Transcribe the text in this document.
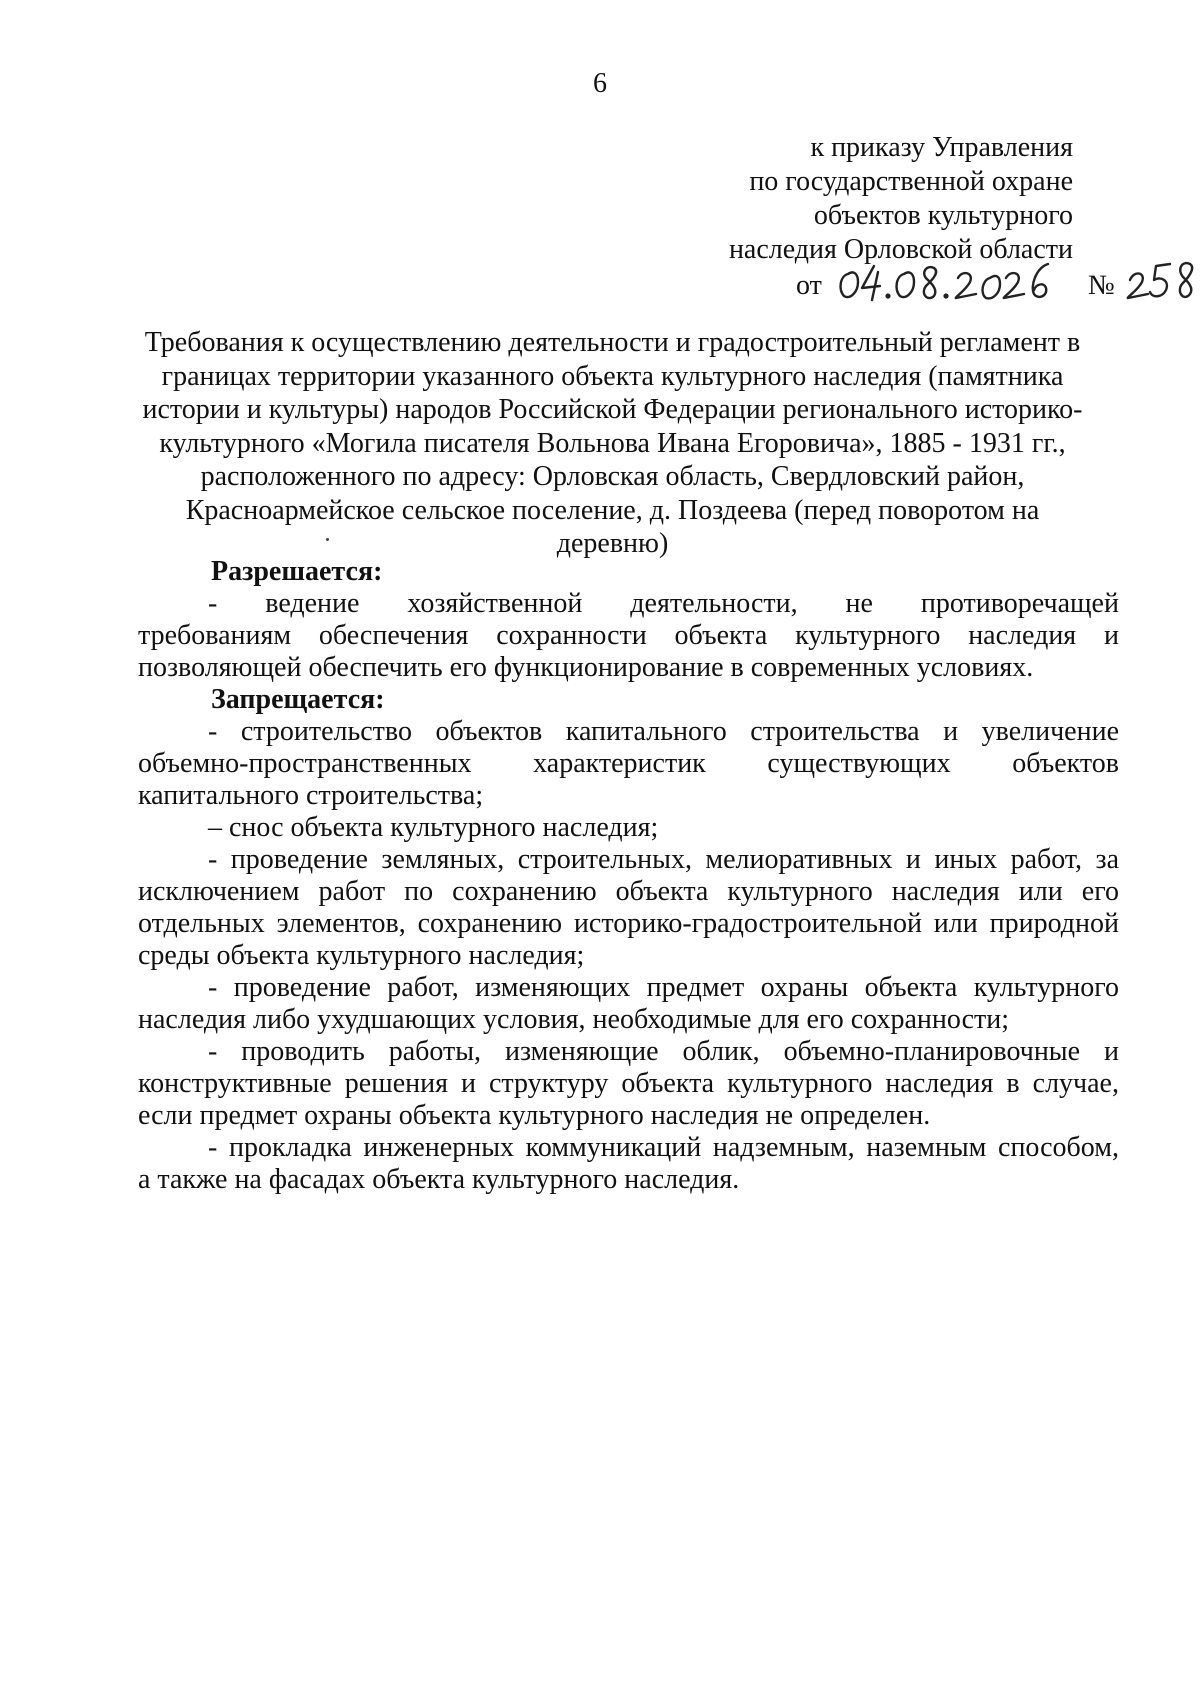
6
к приказу Управления
по государственной охране
объектов культурного
наследия Орловской области
от	№
Требования к осуществлению деятельности и градостроительный регламент в
границах территории указанного объекта культурного наследия (памятника
истории и культуры) народов Российской Федерации регионального историко-
культурного «Могила писателя Вольнова Ивана Егоровича», 1885 - 1931 гг.,
расположенного по адресу: Орловская область, Свердловский район,
Красноармейское сельское поселение, д. Поздеева (перед поворотом на
деревню)
Разрешается:
- ведение хозяйственной деятельности, не противоречащей
требованиям обеспечения сохранности объекта культурного наследия и
позволяющей обеспечить его функционирование в современных условиях.
Запрещается:
- строительство объектов капитального строительства и увеличение
объемно-пространственных характеристик существующих объектов
капитального строительства;
– снос объекта культурного наследия;
- проведение земляных, строительных, мелиоративных и иных работ, за
исключением работ по сохранению объекта культурного наследия или его
отдельных элементов, сохранению историко-градостроительной или природной
среды объекта культурного наследия;
- проведение работ, изменяющих предмет охраны объекта культурного
наследия либо ухудшающих условия, необходимые для его сохранности;
- проводить работы, изменяющие облик, объемно-планировочные и
конструктивные решения и структуру объекта культурного наследия в случае,
если предмет охраны объекта культурного наследия не определен.
- прокладка инженерных коммуникаций надземным, наземным способом,
а также на фасадах объекта культурного наследия.
